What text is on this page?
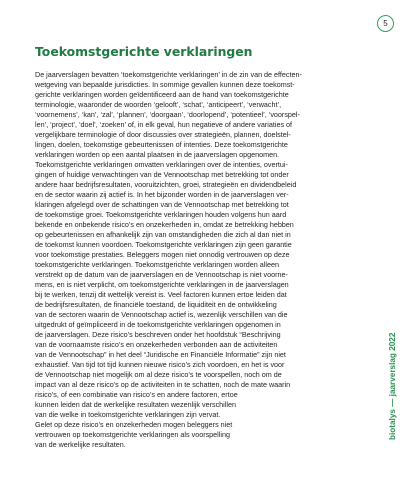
5
Toekomstgerichte verklaringen
De jaarverslagen bevatten ‘toekomstgerichte verklaringen’ in de zin van de effecten-
wetgeving van bepaalde jurisdicties. In sommige gevallen kunnen deze toekomst-
gerichte verklaringen worden geïdentificeerd aan de hand van toekomstgerichte
terminologie, waaronder de woorden ‘gelooft’, ‘schat’, ‘anticipeert’, ‘verwacht’,
‘voornemens’, ‘kan’, ‘zal’, ‘plannen’, ‘doorgaan’, ‘doorlopend’, ‘potentieel’, ‘voorspel-
len’, ‘project’, ‘doel’, ‘zoeken’ of, in elk geval, hun negatieve of andere variaties of
vergelijkbare terminologie of door discussies over strategieën, plannen, doelstel-
lingen, doelen, toekomstige gebeurtenissen of intenties. Deze toekomstgerichte
verklaringen worden op een aantal plaatsen in de jaarverslagen opgenomen.
Toekomstgerichte verklaringen omvatten verklaringen over de intenties, overtui-
gingen of huidige verwachtingen van de Vennootschap met betrekking tot onder
andere haar bedrijfsresultaten, vooruitzichten, groei, strategieën en dividendbeleid
en de sector waarin zij actief is. In het bijzonder worden in de jaarverslagen ver-
klaringen afgelegd over de schattingen van de Vennootschap met betrekking tot
de toekomstige groei. Toekomstgerichte verklaringen houden volgens hun aard
bekende en onbekende risico’s en onzekerheden in, omdat ze betrekking hebben
op gebeurtenissen en afhankelijk zijn van omstandigheden die zich al dan niet in
de toekomst kunnen voordoen. Toekomstgerichte verklaringen zijn geen garantie
voor toekomstige prestaties. Beleggers mogen niet onnodig vertrouwen op deze
toekomstgerichte verklaringen. Toekomstgerichte verklaringen worden alleen
verstrekt op de datum van de jaarverslagen en de Vennootschap is niet voorne-
mens, en is niet verplicht, om toekomstgerichte verklaringen in de jaarverslagen
bij te werken, tenzij dit wettelijk vereist is. Veel factoren kunnen ertoe leiden dat
de bedrijfsresultaten, de financiële toestand, de liquiditeit en de ontwikkeling
van de sectoren waarin de Vennootschap actief is, wezenlijk verschillen van die
uitgedrukt of geïmpliceerd in de toekomstgerichte verklaringen opgenomen in
de jaarverslagen. Deze risico’s beschreven onder het hoofdstuk “Beschrijving
van de voornaamste risico’s en onzekerheden verbonden aan de activiteiten
van de Vennootschap” in het deel “Juridische en Financiële Informatie” zijn niet
exhaustief. Van tijd tot tijd kunnen nieuwe risico’s zich voordoen, en het is voor
de Vennootschap niet mogelijk om al deze risico’s te voorspellen, noch om de
impact van al deze risico’s op de activiteiten in te schatten, noch de mate waarin
risico’s, of een combinatie van risico’s en andere factoren, ertoe
kunnen leiden dat de werkelijke resultaten wezenlijk verschillen
van die welke in toekomstgerichte verklaringen zijn vervat.
Gelet op deze risico’s en onzekerheden mogen beleggers niet
vertrouwen op toekomstgerichte verklaringen als voorspelling
van de werkelijke resultaten.
biotalys — jaarverslag 2022
